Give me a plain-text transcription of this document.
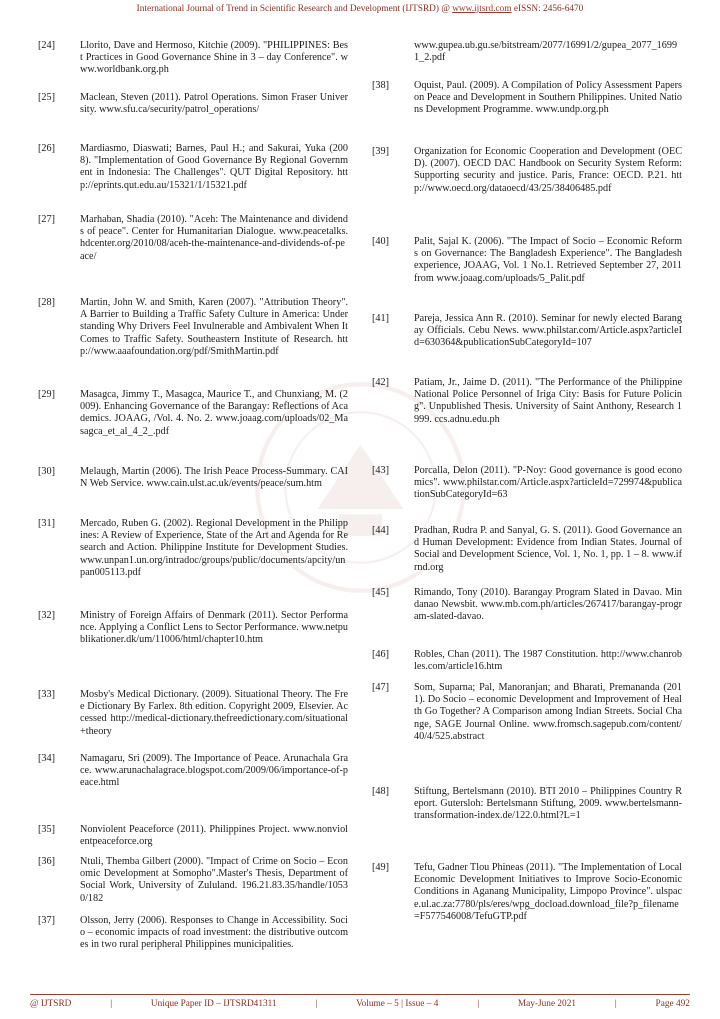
International Journal of Trend in Scientific Research and Development (IJTSRD) @ www.ijtsrd.com eISSN: 2456-6470
[24]	Llorito, Dave and Hermoso, Kitchie (2009). "PHILIPPINES: Best Practices in Good Governance Shine in 3 – day Conference". www.worldbank.org.ph
[25]	Maclean, Steven (2011). Patrol Operations. Simon Fraser University. www.sfu.ca/security/patrol_operations/
[26]	Mardiasmo, Diaswati; Barnes, Paul H.; and Sakurai, Yuka (2008). "Implementation of Good Governance By Regional Government in Indonesia: The Challenges". QUT Digital Repository. http://eprints.qut.edu.au/15321/1/15321.pdf
[27]	Marhaban, Shadia (2010). "Aceh: The Maintenance and dividends of peace". Center for Humanitarian Dialogue. www.peacetalks.hdcenter.org/2010/08/aceh-the-maintenance-and-dividends-of-peace/
[28]	Martin, John W. and Smith, Karen (2007). "Attribution Theory". A Barrier to Building a Traffic Safety Culture in America: Understanding Why Drivers Feel Invulnerable and Ambivalent When It Comes to Traffic Safety. Southeastern Institute of Research. http://www.aaafoundation.org/pdf/SmithMartin.pdf
[29]	Masagca, Jimmy T., Masagca, Maurice T., and Chunxiang, M. (2009). Enhancing Governance of the Barangay: Reflections of Academics. JOAAG, /Vol. 4. No. 2. www.joaag.com/uploads/02_Masagca_et_al_4_2_.pdf
[30]	Melaugh, Martin (2006). The Irish Peace Process-Summary. CAIN Web Service. www.cain.ulst.ac.uk/events/peace/sum.htm
[31]	Mercado, Ruben G. (2002). Regional Development in the Philippines: A Review of Experience, State of the Art and Agenda for Research and Action. Philippine Institute for Development Studies. www.unpan1.un.org/intradoc/groups/public/documents/apcity/unpan005113.pdf
[32]	Ministry of Foreign Affairs of Denmark (2011). Sector Performance. Applying a Conflict Lens to Sector Performance. www.netpublikationer.dk/um/11006/html/chapter10.htm
[33]	Mosby's Medical Dictionary. (2009). Situational Theory. The Free Dictionary By Farlex. 8th edition. Copyright 2009, Elsevier. Accessed http://medical-dictionary.thefreedictionary.com/situational+theory
[34]	Namagaru, Sri (2009). The Importance of Peace. Arunachala Grace. www.arunachalagrace.blogspot.com/2009/06/importance-of-peace.html
[35]	Nonviolent Peaceforce (2011). Philippines Project. www.nonviolentpeaceforce.org
[36]	Ntuli, Themba Gilbert (2000). "Impact of Crime on Socio – Economic Development at Somopho".Master's Thesis, Department of Social Work, University of Zululand. 196.21.83.35/handle/10530/182
[37]	Olsson, Jerry (2006). Responses to Change in Accessibility. Socio – economic impacts of road investment: the distributive outcomes in two rural peripheral Philippines municipalities.
www.gupea.ub.gu.se/bitstream/2077/16991/2/gupea_2077_16991_2.pdf
[38]	Oquist, Paul. (2009). A Compilation of Policy Assessment Papers on Peace and Development in Southern Philippines. United Nations Development Programme. www.undp.org.ph
[39]	Organization for Economic Cooperation and Development (OECD). (2007). OECD DAC Handbook on Security System Reform: Supporting security and justice. Paris, France: OECD. P.21. http://www.oecd.org/dataoecd/43/25/38406485.pdf
[40]	Palit, Sajal K. (2006). "The Impact of Socio – Economic Reforms on Governance: The Bangladesh Experience". The Bangladesh experience, JOAAG, Vol. 1 No.1. Retrieved September 27, 2011 from www.joaag.com/uploads/5_Palit.pdf
[41]	Pareja, Jessica Ann R. (2010). Seminar for newly elected Barangay Officials. Cebu News. www.philstar.com/Article.aspx?articleId=630364&publicationSubCategoryId=107
[42]	Patiam, Jr., Jaime D. (2011). "The Performance of the Philippine National Police Personnel of Iriga City: Basis for Future Policing". Unpublished Thesis. University of Saint Anthony, Research 1999. ccs.adnu.edu.ph
[43]	Porcalla, Delon (2011). "P-Noy: Good governance is good economics". www.philstar.com/Article.aspx?articleId=729974&publicationSubCategoryId=63
[44]	Pradhan, Rudra P. and Sanyal, G. S. (2011). Good Governance and Human Development: Evidence from Indian States. Journal of Social and Development Science, Vol. 1, No. 1, pp. 1 – 8. www.ifrnd.org
[45]	Rimando, Tony (2010). Barangay Program Slated in Davao. Mindanao Newsbit. www.mb.com.ph/articles/267417/barangay-program-slated-davao.
[46]	Robles, Chan (2011). The 1987 Constitution. http://www.chanrobles.com/article16.htm
[47]	Som, Suparna; Pal, Manoranjan; and Bharati, Premananda (2011). Do Socio – economic Development and Improvement of Health Go Together? A Comparison among Indian Streets. Social Change, SAGE Journal Online. www.fromsch.sagepub.com/content/40/4/525.abstract
[48]	Stiftung, Bertelsmann (2010). BTI 2010 – Philippines Country Report. Gutersloh: Bertelsmann Stiftung, 2009. www.bertelsmann-transformation-index.de/122.0.html?L=1
[49]	Tefu, Gadner Tlou Phineas (2011). "The Implementation of Local Economic Development Initiatives to Improve Socio-Economic Conditions in Aganang Municipality, Limpopo Province". ulspace.ul.ac.za:7780/pls/eres/wpg_docload.download_file?p_filename=F577546008/TefuGTP.pdf
@ IJTSRD	|	Unique Paper ID – IJTSRD41311	|	Volume – 5 | Issue – 4	|	May-June 2021	|	Page 492
